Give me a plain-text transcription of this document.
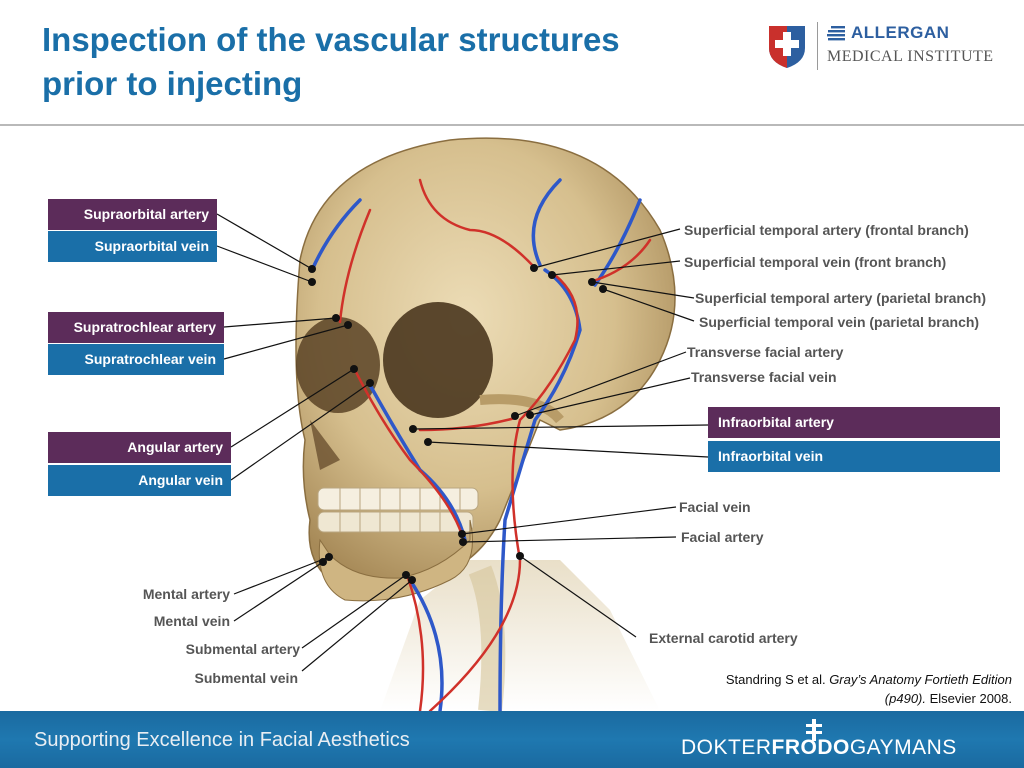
Inspection of the vascular structures
prior to injecting
ALLERGAN
MEDICAL INSTITUTE
Supraorbital artery
Supraorbital vein
Supratrochlear artery
Supratrochlear vein
Angular artery
Angular vein
Mental artery
Mental vein
Submental artery
Submental vein
Superficial temporal artery (frontal branch)
Superficial temporal vein (front branch)
Superficial temporal artery (parietal branch)
Superficial temporal vein (parietal branch)
Transverse facial artery
Transverse facial vein
Infraorbital artery
Infraorbital vein
Facial vein
Facial artery
External carotid artery
Standring S et al. Gray’s Anatomy Fortieth Edition (p490). Elsevier 2008.
Supporting Excellence in Facial Aesthetics	DOKTERFRODOGAYMANS
